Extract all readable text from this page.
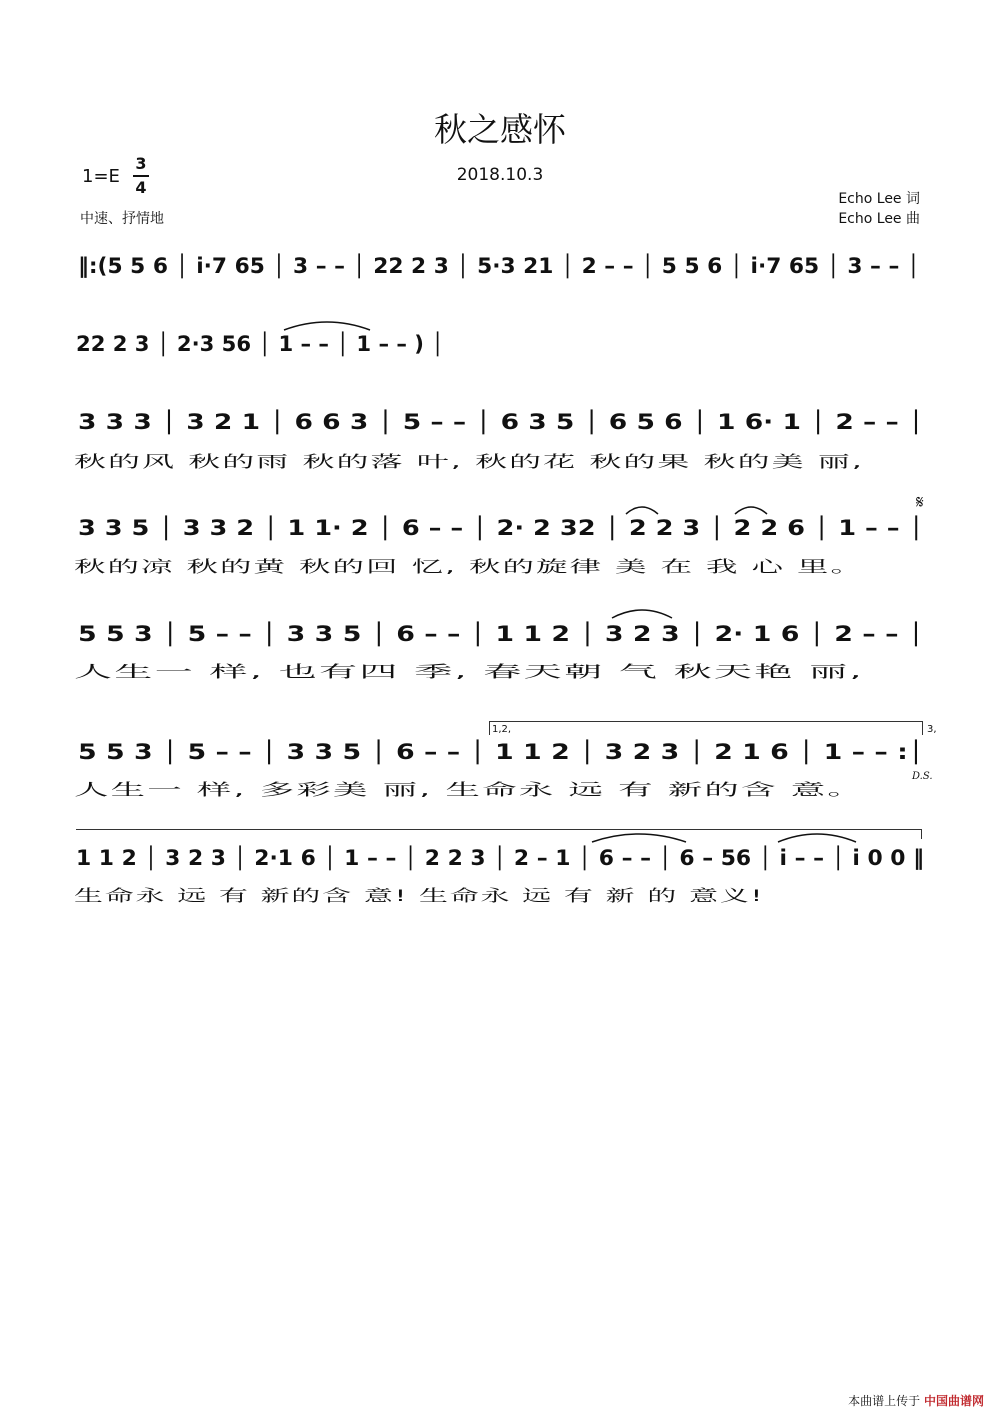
秋之感怀
2018.10.3
1=E
3
4
中速、抒情地
Echo Lee 词
Echo Lee 曲
‖:(5 5 6 │ i·7 65 │ 3 – – │ 22 2 3 │ 5·3 21 │ 2 – – │ 5 5 6 │ i·7 65 │ 3 – – │
22 2 3 │ 2·3 56 │ 1 – – │ 1 – – ) │
3 3 3 │ 3 2 1 │ 6 6 3 │ 5 – – │ 6 3 5 │ 6 5 6 │ 1 6· 1 │ 2 – – │
秋的风 秋的雨 秋的落 叶, 秋的花 秋的果 秋的美 丽,
3 3 5 │ 3 3 2 │ 1 1· 2 │ 6 – – │ 2· 2 32 │ 2 2 3 │ 2 2 6 │ 1 – – │
𝄋
秋的凉 秋的黄 秋的回 忆, 秋的旋律 美 在 我 心 里。
5 5 3 │ 5 – – │ 3 3 5 │ 6 – – │ 1 1 2 │ 3 2 3 │ 2· 1 6 │ 2 – – │
人生一 样, 也有四 季, 春天朝 气 秋天艳 丽,
1,2,	3,
5 5 3 │ 5 – – │ 3 3 5 │ 6 – – │ 1 1 2 │ 3 2 3 │ 2 1 6 │ 1 – – :│
D.S.
人生一 样, 多彩美 丽, 生命永 远 有 新的含 意。
1 1 2 │ 3 2 3 │ 2·1 6 │ 1 – – │ 2 2 3 │ 2 – 1 │ 6 – – │ 6 – 56 │ i – – │ i 0 0 ‖
生命永 远 有 新的含 意! 生命永 远 有 新 的 意义!
本曲谱上传于 中国曲谱网
